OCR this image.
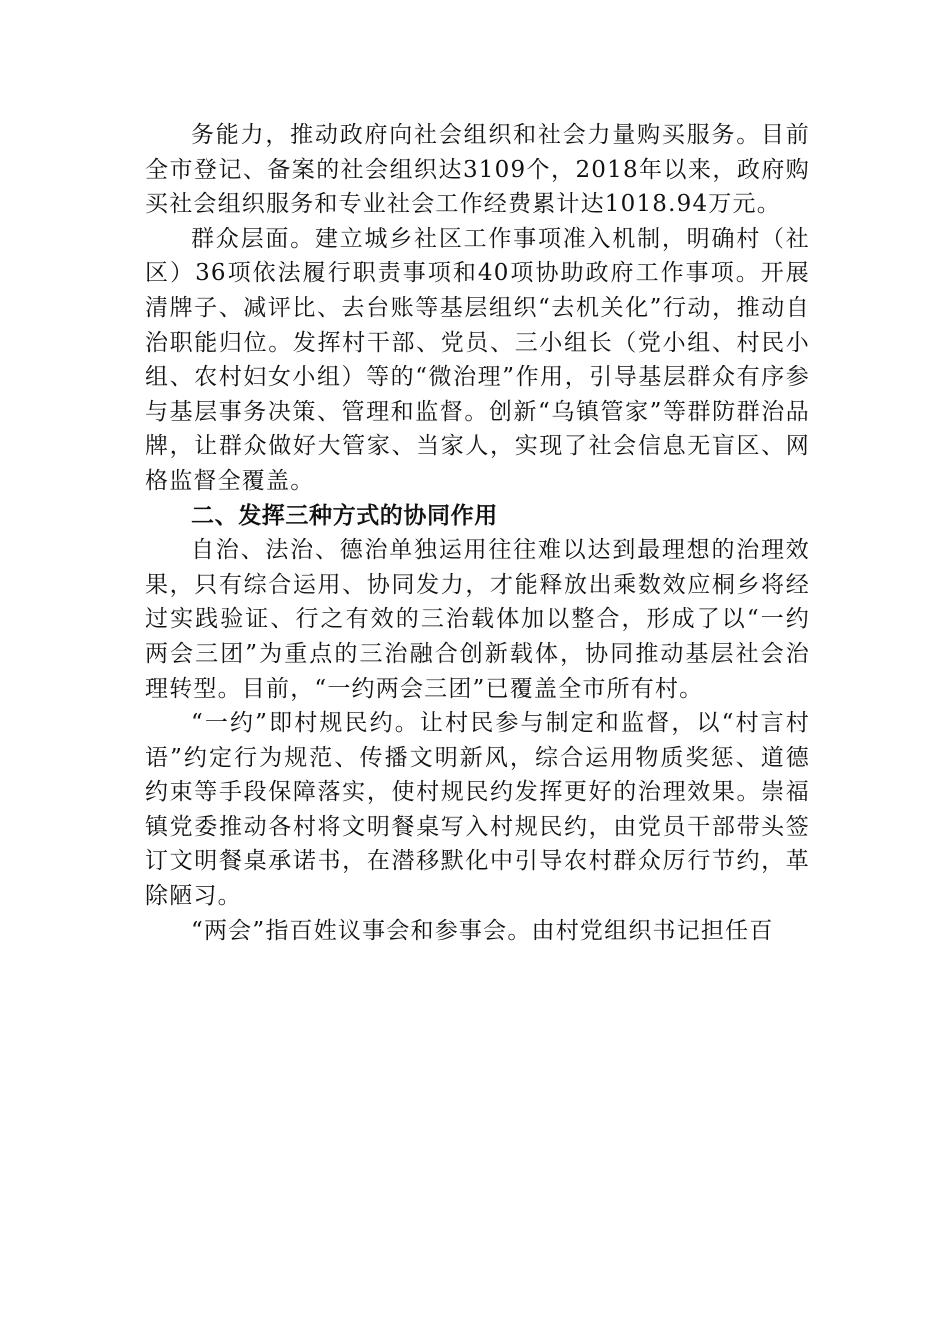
务能力，推动政府向社会组织和社会力量购买服务。目前全市登记、备案的社会组织达3109个，2018年以来，政府购买社会组织服务和专业社会工作经费累计达1018.94万元。

群众层面。建立城乡社区工作事项准入机制，明确村（社区）36项依法履行职责事项和40项协助政府工作事项。开展清牌子、减评比、去台账等基层组织“去机关化”行动，推动自治职能归位。发挥村干部、党员、三小组长（党小组、村民小组、农村妇女小组）等的“微治理”作用，引导基层群众有序参与基层事务决策、管理和监督。创新“乌镇管家”等群防群治品牌，让群众做好大管家、当家人，实现了社会信息无盲区、网格监督全覆盖。

二、发挥三种方式的协同作用

自治、法治、德治单独运用往往难以达到最理想的治理效果，只有综合运用、协同发力，才能释放出乘数效应桐乡将经过实践验证、行之有效的三治载体加以整合，形成了以“一约两会三团”为重点的三治融合创新载体，协同推动基层社会治理转型。目前，“一约两会三团”已覆盖全市所有村。

“一约”即村规民约。让村民参与制定和监督，以“村言村语”约定行为规范、传播文明新风，综合运用物质奖惩、道德约束等手段保障落实，使村规民约发挥更好的治理效果。崇福镇党委推动各村将文明餐桌写入村规民约，由党员干部带头签订文明餐桌承诺书，在潜移默化中引导农村群众厉行节约，革除陋习。

“两会”指百姓议事会和参事会。由村党组织书记担任百
